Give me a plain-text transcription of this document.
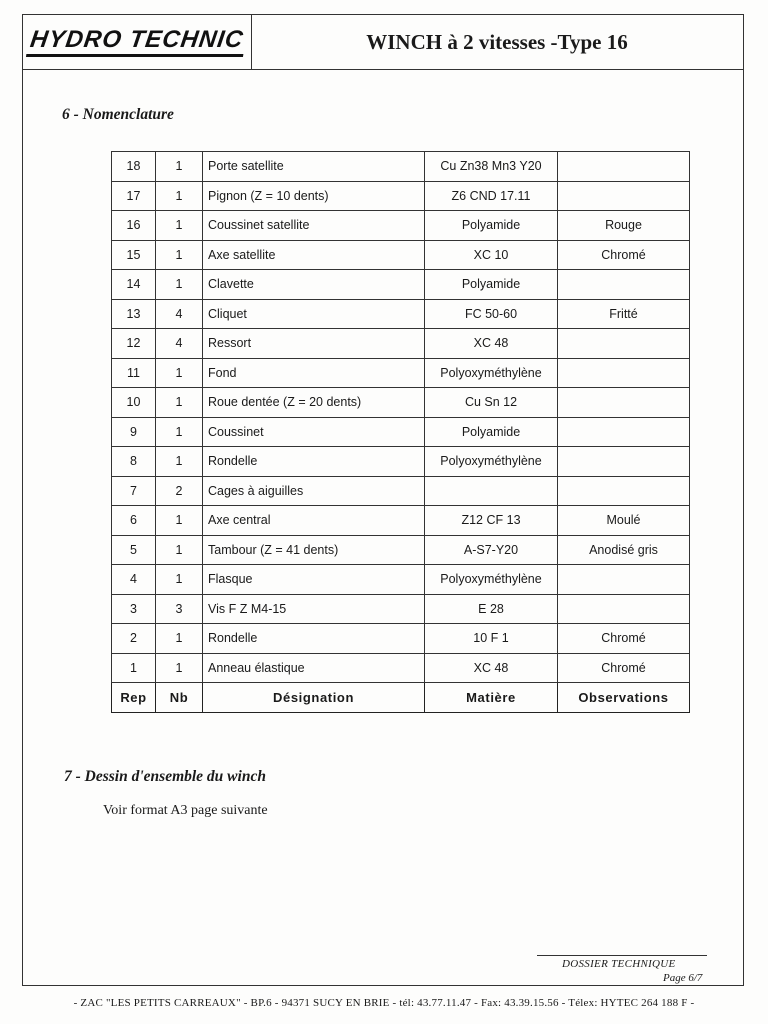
HYDRO TECHNIC	WINCH à 2 vitesses -Type 16
6 - Nomenclature
18	1	Porte satellite	Cu Zn38 Mn3 Y20	
17	1	Pignon (Z = 10 dents)	Z6 CND 17.11	
16	1	Coussinet satellite	Polyamide	Rouge
15	1	Axe satellite	XC 10	Chromé
14	1	Clavette	Polyamide	
13	4	Cliquet	FC 50-60	Fritté
12	4	Ressort	XC 48	
11	1	Fond	Polyoxyméthylène	
10	1	Roue dentée (Z = 20 dents)	Cu Sn 12	
9	1	Coussinet	Polyamide	
8	1	Rondelle	Polyoxyméthylène	
7	2	Cages à aiguilles		
6	1	Axe central	Z12 CF 13	Moulé
5	1	Tambour (Z = 41 dents)	A-S7-Y20	Anodisé gris
4	1	Flasque	Polyoxyméthylène	
3	3	Vis F Z M4-15	E 28	
2	1	Rondelle	10 F 1	Chromé
1	1	Anneau élastique	XC 48	Chromé
Rep	Nb	Désignation	Matière	Observations
7 - Dessin d'ensemble du winch
Voir format A3 page suivante
DOSSIER TECHNIQUE
Page 6/7
- ZAC "LES PETITS CARREAUX" - BP.6 - 94371 SUCY EN BRIE - tél: 43.77.11.47 - Fax: 43.39.15.56 - Télex: HYTEC 264 188 F -
